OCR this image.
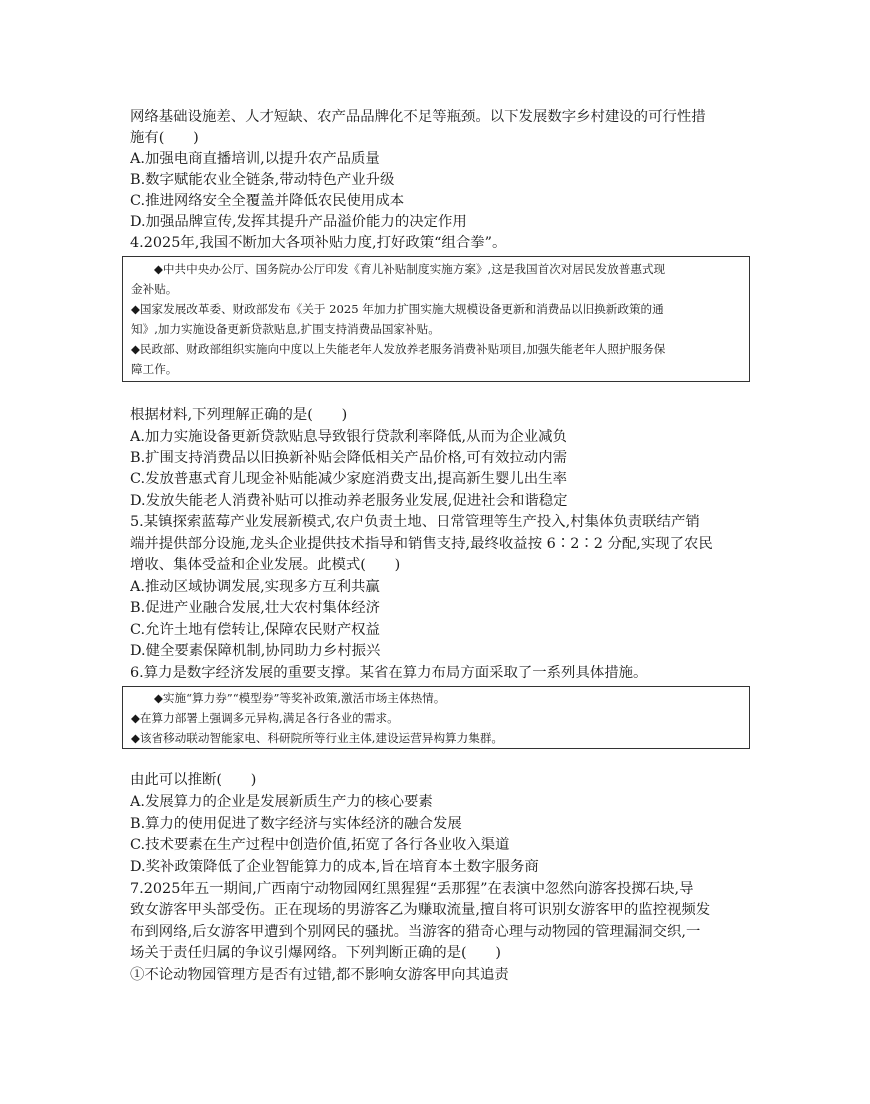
网络基础设施差、人才短缺、农产品品牌化不足等瓶颈。以下发展数字乡村建设的可行性措
施有(　　)
A.加强电商直播培训,以提升农产品质量
B.数字赋能农业全链条,带动特色产业升级
C.推进网络安全全覆盖并降低农民使用成本
D.加强品牌宣传,发挥其提升产品溢价能力的决定作用
4.2025年,我国不断加大各项补贴力度,打好政策“组合拳”。
◆中共中央办公厅、国务院办公厅印发《育儿补贴制度实施方案》,这是我国首次对居民发放普惠式现
金补贴。
◆国家发展改革委、财政部发布《关于 2025 年加力扩围实施大规模设备更新和消费品以旧换新政策的通
知》,加力实施设备更新贷款贴息,扩围支持消费品国家补贴。
◆民政部、财政部组织实施向中度以上失能老年人发放养老服务消费补贴项目,加强失能老年人照护服务保
障工作。
根据材料,下列理解正确的是(　　)
A.加力实施设备更新贷款贴息导致银行贷款利率降低,从而为企业减负
B.扩围支持消费品以旧换新补贴会降低相关产品价格,可有效拉动内需
C.发放普惠式育儿现金补贴能减少家庭消费支出,提高新生婴儿出生率
D.发放失能老人消费补贴可以推动养老服务业发展,促进社会和谐稳定
5.某镇探索蓝莓产业发展新模式,农户负责土地、日常管理等生产投入,村集体负责联结产销
端并提供部分设施,龙头企业提供技术指导和销售支持,最终收益按 6∶2∶2 分配,实现了农民
增收、集体受益和企业发展。此模式(　　)
A.推动区域协调发展,实现多方互利共赢
B.促进产业融合发展,壮大农村集体经济
C.允许土地有偿转让,保障农民财产权益
D.健全要素保障机制,协同助力乡村振兴
6.算力是数字经济发展的重要支撑。某省在算力布局方面采取了一系列具体措施。
◆实施“算力券”“模型券”等奖补政策,激活市场主体热情。
◆在算力部署上强调多元异构,满足各行各业的需求。
◆该省移动联动智能家电、科研院所等行业主体,建设运营异构算力集群。
由此可以推断(　　)
A.发展算力的企业是发展新质生产力的核心要素
B.算力的使用促进了数字经济与实体经济的融合发展
C.技术要素在生产过程中创造价值,拓宽了各行各业收入渠道
D.奖补政策降低了企业智能算力的成本,旨在培育本土数字服务商
7.2025年五一期间,广西南宁动物园网红黑猩猩“丢那猩”在表演中忽然向游客投掷石块,导
致女游客甲头部受伤。正在现场的男游客乙为赚取流量,擅自将可识别女游客甲的监控视频发
布到网络,后女游客甲遭到个别网民的骚扰。当游客的猎奇心理与动物园的管理漏洞交织,一
场关于责任归属的争议引爆网络。下列判断正确的是(　　)
①不论动物园管理方是否有过错,都不影响女游客甲向其追责
